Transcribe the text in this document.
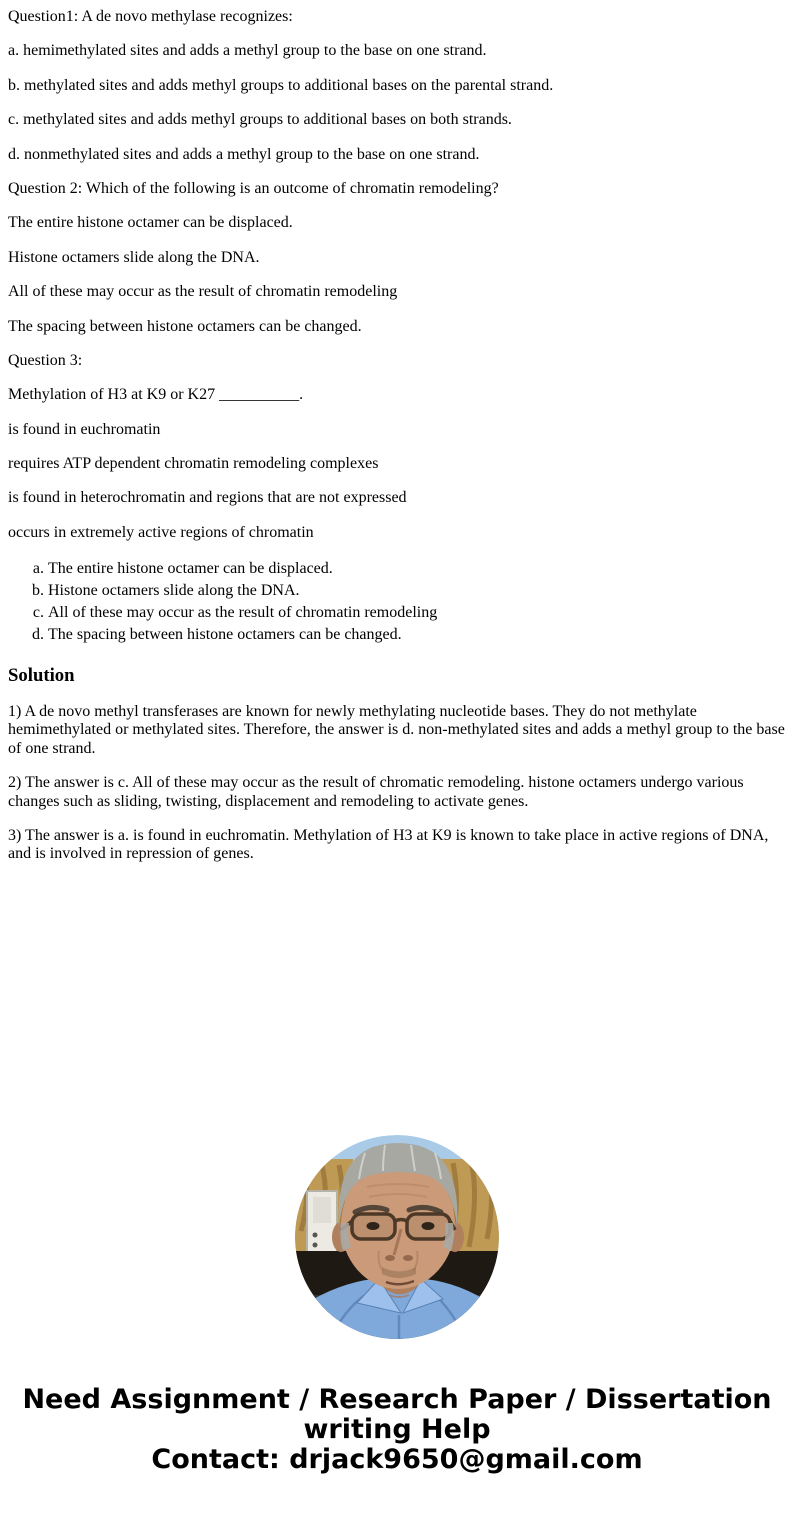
Question1: A de novo methylase recognizes:

a. hemimethylated sites and adds a methyl group to the base on one strand.

b. methylated sites and adds methyl groups to additional bases on the parental strand.

c. methylated sites and adds methyl groups to additional bases on both strands.

d. nonmethylated sites and adds a methyl group to the base on one strand.

Question 2: Which of the following is an outcome of chromatin remodeling?

The entire histone octamer can be displaced.

Histone octamers slide along the DNA.

All of these may occur as the result of chromatin remodeling

The spacing between histone octamers can be changed.

Question 3:

Methylation of H3 at K9 or K27 __________.

is found in euchromatin

requires ATP dependent chromatin remodeling complexes

is found in heterochromatin and regions that are not expressed

occurs in extremely active regions of chromatin

a. The entire histone octamer can be displaced.
b. Histone octamers slide along the DNA.
c. All of these may occur as the result of chromatin remodeling
d. The spacing between histone octamers can be changed.
Solution

1) A de novo methyl transferases are known for newly methylating nucleotide bases. They do not methylate hemimethylated or methylated sites. Therefore, the answer is d. non-methylated sites and adds a methyl group to the base of one strand.

2) The answer is c. All of these may occur as the result of chromatic remodeling. histone octamers undergo various changes such as sliding, twisting, displacement and remodeling to activate genes.

3) The answer is a. is found in euchromatin. Methylation of H3 at K9 is known to take place in active regions of DNA, and is involved in repression of genes.

Need Assignment / Research Paper / Dissertation
writing Help
Contact: drjack9650@gmail.com
